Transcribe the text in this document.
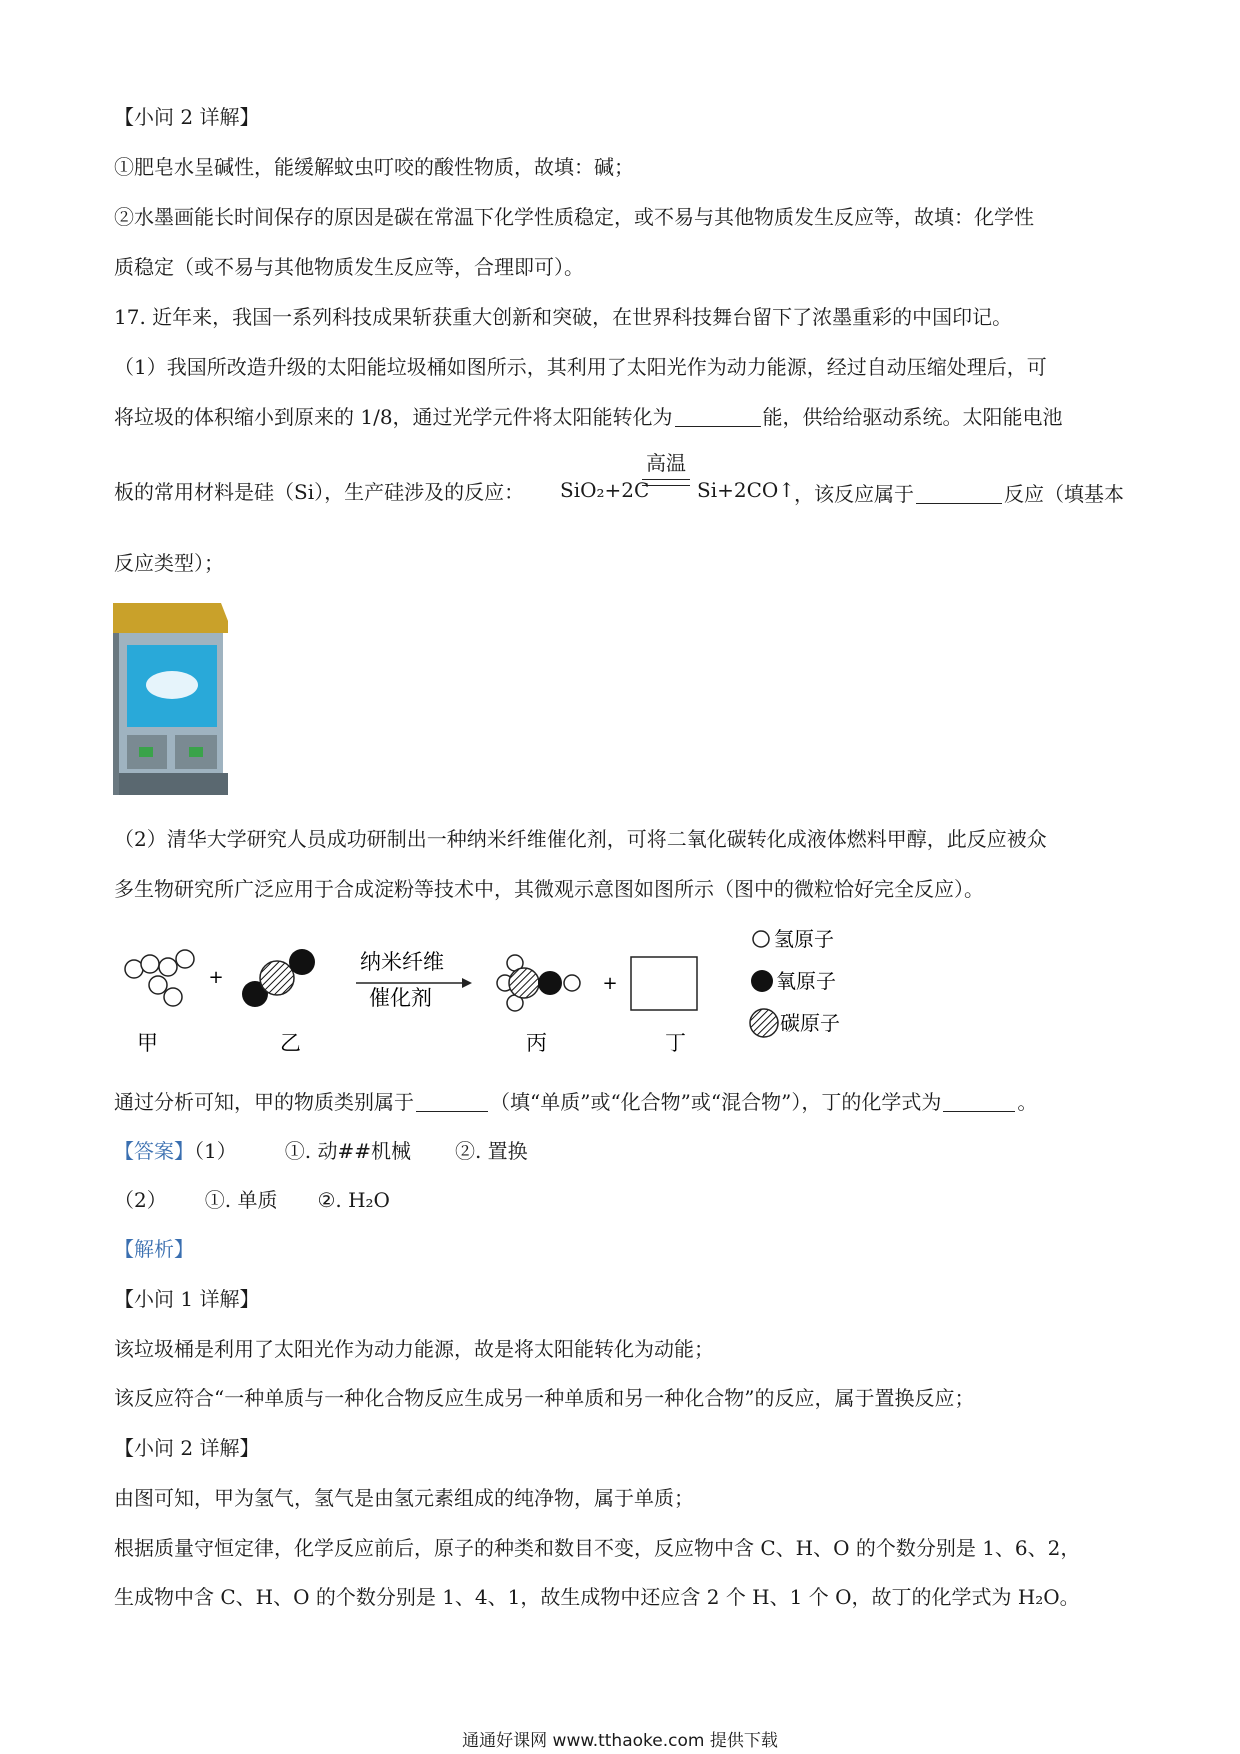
【小问 2 详解】
①肥皂水呈碱性，能缓解蚊虫叮咬的酸性物质，故填：碱；
②水墨画能长时间保存的原因是碳在常温下化学性质稳定，或不易与其他物质发生反应等，故填：化学性
质稳定（或不易与其他物质发生反应等，合理即可）。
17. 近年来，我国一系列科技成果斩获重大创新和突破，在世界科技舞台留下了浓墨重彩的中国印记。
（1）我国所改造升级的太阳能垃圾桶如图所示，其利用了太阳光作为动力能源，经过自动压缩处理后，可
将垃圾的体积缩小到原来的 1/8，通过光学元件将太阳能转化为	能，供给给驱动系统。太阳能电池
板的常用材料是硅（Si），生产硅涉及的反应： SiO₂+2C
高温
Si+2CO↑
，该反应属于	反应（填基本
反应类型）；
（2）清华大学研究人员成功研制出一种纳米纤维催化剂，可将二氧化碳转化成液体燃料甲醇，此反应被众
多生物研究所广泛应用于合成淀粉等技术中，其微观示意图如图所示（图中的微粒恰好完全反应）。
+
纳米纤维
催化剂
+
甲	乙	丙	丁
氢原子
氧原子
碳原子
通过分析可知，甲的物质类别属于	（填“单质”或“化合物”或“混合物”），丁的化学式为	。
【答案】（1） ①. 动##机械 ②. 置换
（2） ①. 单质 ②. H₂O
【解析】
【小问 1 详解】
该垃圾桶是利用了太阳光作为动力能源，故是将太阳能转化为动能；
该反应符合“一种单质与一种化合物反应生成另一种单质和另一种化合物”的反应，属于置换反应；
【小问 2 详解】
由图可知，甲为氢气，氢气是由氢元素组成的纯净物，属于单质；
根据质量守恒定律，化学反应前后，原子的种类和数目不变，反应物中含 C、H、O 的个数分别是 1、6、2，
生成物中含 C、H、O 的个数分别是 1、4、1，故生成物中还应含 2 个 H、1 个 O，故丁的化学式为 H₂O。
通通好课网 www.tthaoke.com 提供下载
